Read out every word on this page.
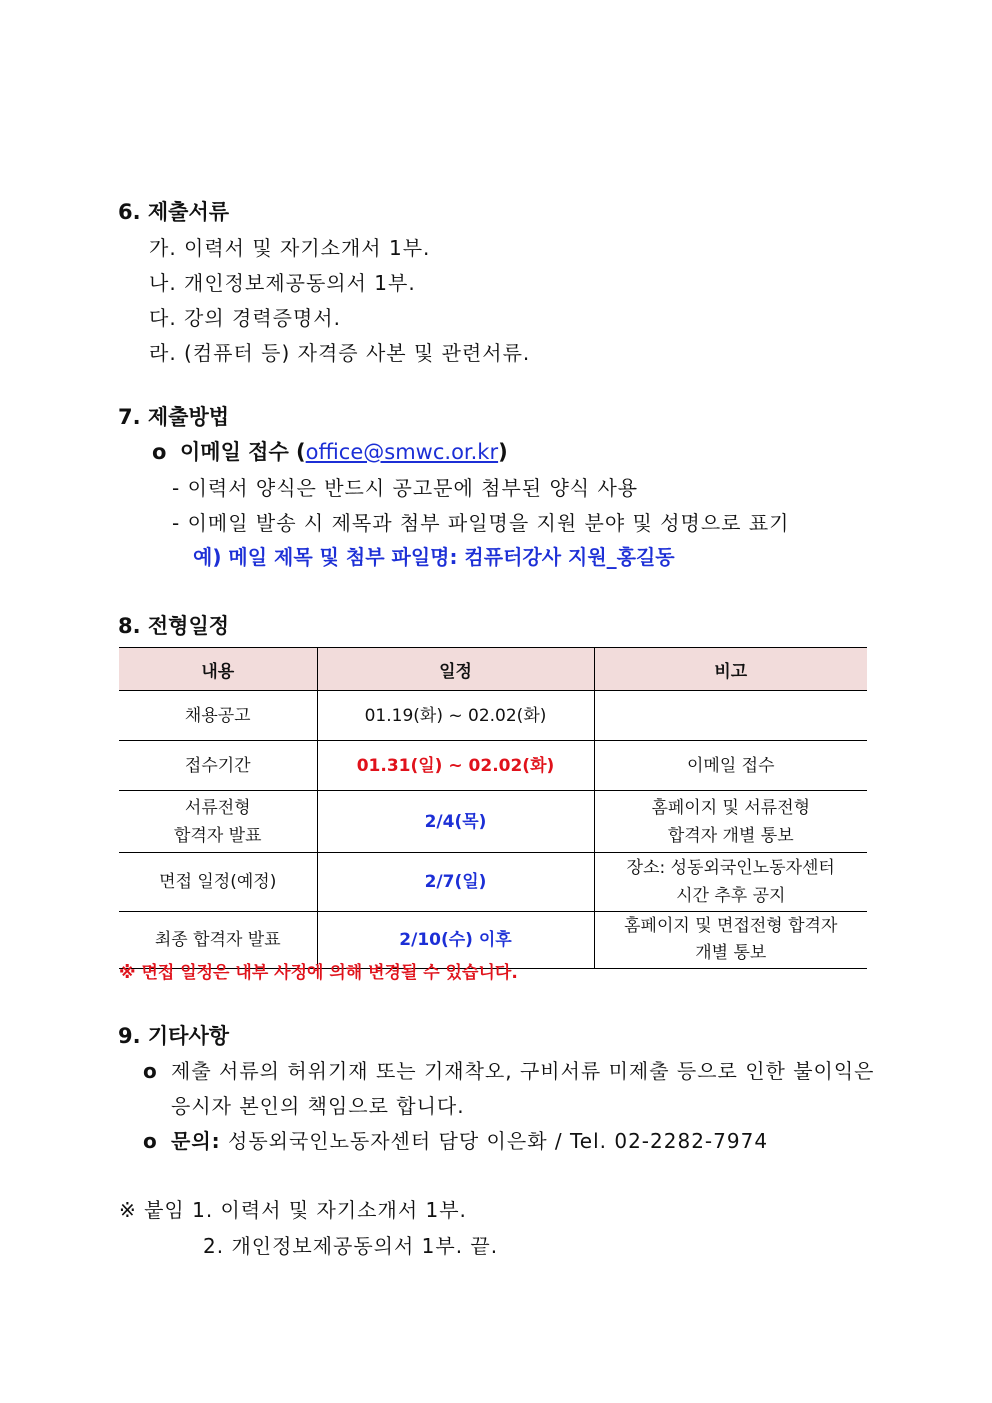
6. 제출서류
가. 이력서 및 자기소개서 1부.
나. 개인정보제공동의서 1부.
다. 강의 경력증명서.
라. (컴퓨터 등) 자격증 사본 및 관련서류.
7. 제출방법
o 이메일 접수 (office@smwc.or.kr)
- 이력서 양식은 반드시 공고문에 첨부된 양식 사용
- 이메일 발송 시 제목과 첨부 파일명을 지원 분야 및 성명으로 표기
예) 메일 제목 및 첨부 파일명: 컴퓨터강사 지원_홍길동
8. 전형일정
내용	일정	비고
채용공고	01.19(화) ~ 02.02(화)	
접수기간	01.31(일) ~ 02.02(화)	이메일 접수
서류전형
합격자 발표	2/4(목)	홈페이지 및 서류전형
합격자 개별 통보
면접 일정(예정)	2/7(일)	장소: 성동외국인노동자센터
시간 추후 공지
최종 합격자 발표	2/10(수) 이후	홈페이지 및 면접전형 합격자
개별 통보
※ 면접 일정은 내부 사정에 의해 변경될 수 있습니다.
9. 기타사항
o 제출 서류의 허위기재 또는 기재착오, 구비서류 미제출 등으로 인한 불이익은
응시자 본인의 책임으로 합니다.
o 문의: 성동외국인노동자센터 담당 이은화 / Tel. 02-2282-7974
※ 붙임 1. 이력서 및 자기소개서 1부.
2. 개인정보제공동의서 1부. 끝.
